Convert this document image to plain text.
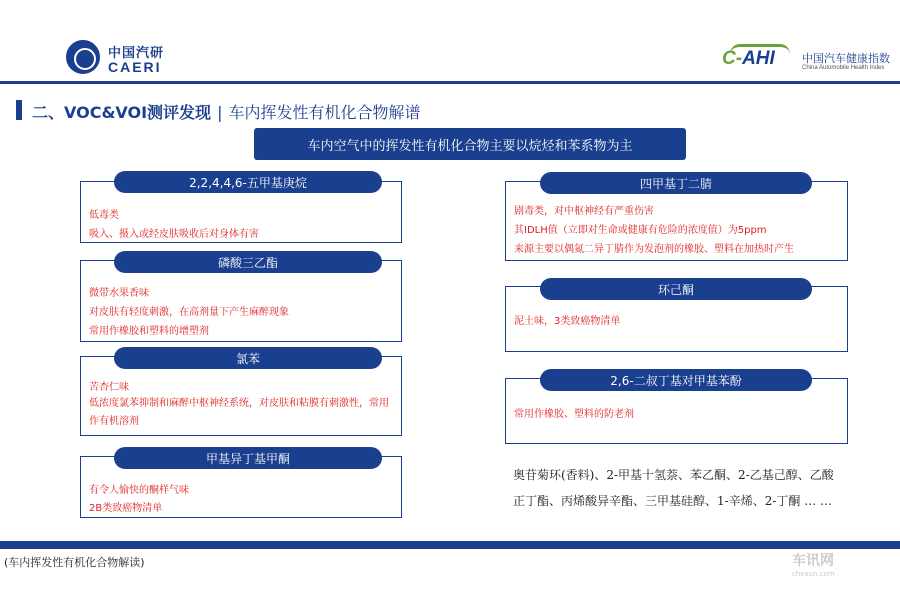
中国汽研
CAERI	C-AHI 中国汽车健康指数
China Automobile Health Index
二、VOC&VOI测评发现 | 车内挥发性有机化合物解谱
车内空气中的挥发性有机化合物主要以烷烃和苯系物为主
低毒类
吸入、摄入或经皮肤吸收后对身体有害
2,2,4,4,6-五甲基庚烷
微带水果香味
对皮肤有轻度刺激，在高剂量下产生麻醉现象
常用作橡胶和塑料的增塑剂
磷酸三乙酯
苦杏仁味
低浓度氯苯抑制和麻醉中枢神经系统，对皮肤和粘膜有刺激性，常用作有机溶剂
氯苯
有令人愉快的酮样气味
2B类致癌物清单
甲基异丁基甲酮
剧毒类，对中枢神经有严重伤害
其IDLH值（立即对生命或健康有危险的浓度值）为5ppm
来源主要以偶氮二异丁腈作为发泡剂的橡胶、塑料在加热时产生
四甲基丁二腈
泥土味，3类致癌物清单
环己酮
常用作橡胶、塑料的防老剂
2,6-二叔丁基对甲基苯酚
奥苷菊环(香料)、2-甲基十氢萘、苯乙酮、2-乙基己醇、乙酸正丁酯、丙烯酸异辛酯、三甲基硅醇、1-辛烯、2-丁酮 … …
(车内挥发性有机化合物解读)	车讯网
chexun.com
